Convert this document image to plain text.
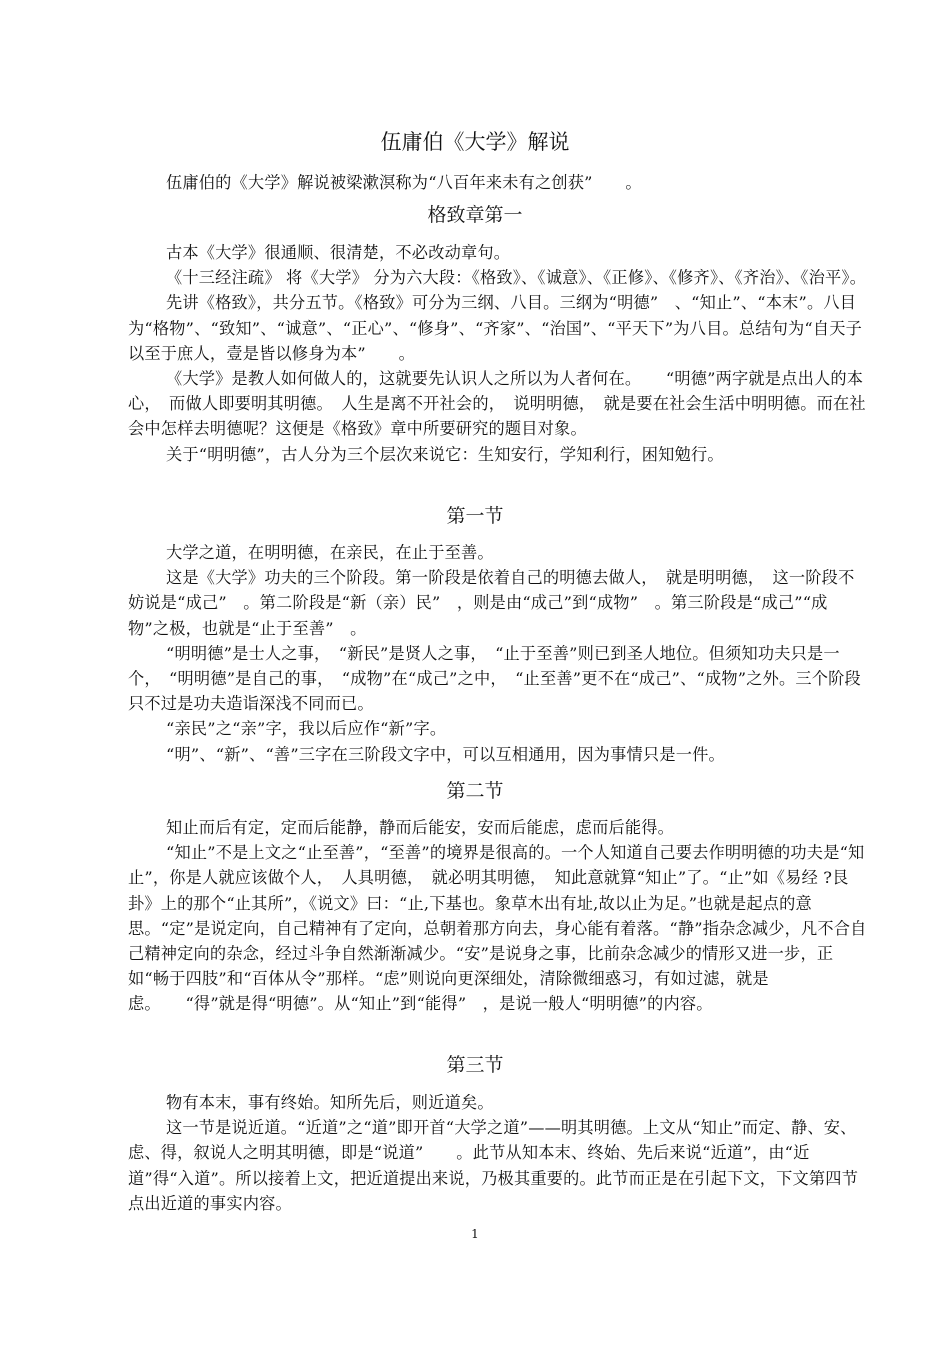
伍庸伯《大学》解说

伍庸伯的《大学》解说被梁漱溟称为“八百年来未有之创获”　　。

格致章第一

古本《大学》很通顺、很清楚，不必改动章句。

《十三经注疏》 将《大学》 分为六大段：《格致》、《诚意》、《正修》、《修齐》、《齐治》、《治平》。

先讲《格致》，共分五节。《格致》可分为三纲、八目。三纲为“明德”　、“知止”、“本末”。八目为“格物”、“致知”、“诚意”、“正心”、“修身”、“齐家”、“治国”、“平天下”为八目。总结句为“自天子以至于庶人，壹是皆以修身为本”　　。

《大学》是教人如何做人的，这就要先认识人之所以为人者何在。　　“明德”两字就是点出人的本心，　而做人即要明其明德。　人生是离不开社会的，　说明明德，　就是要在社会生活中明明德。而在社会中怎样去明德呢？这便是《格致》章中所要研究的题目对象。

关于“明明德”，古人分为三个层次来说它：生知安行，学知利行，困知勉行。

第一节

大学之道，在明明德，在亲民，在止于至善。

这是《大学》功夫的三个阶段。第一阶段是依着自己的明德去做人，　就是明明德，　这一阶段不妨说是“成己”　。第二阶段是“新（亲）民”　，则是由“成己”到“成物”　。第三阶段是“成己”“成物”之极，也就是“止于至善”　。

“明明德”是士人之事，　“新民”是贤人之事，　“止于至善”则已到圣人地位。但须知功夫只是一个，　“明明德”是自己的事，　“成物”在“成己”之中，　“止至善”更不在“成己”、“成物”之外。三个阶段只不过是功夫造诣深浅不同而已。

“亲民”之“亲”字，我以后应作“新”字。

“明”、“新”、“善”三字在三阶段文字中，可以互相通用，因为事情只是一件。

第二节

知止而后有定，定而后能静，静而后能安，安而后能虑，虑而后能得。

“知止”不是上文之“止至善”，“至善”的境界是很高的。一个人知道自己要去作明明德的功夫是“知止”，你是人就应该做个人，　人具明德，　就必明其明德，　知此意就算“知止”了。“止”如《易经 ?艮卦》上的那个“止其所”，《说文》曰：“止,下基也。象草木出有址,故以止为足。”也就是起点的意思。“定”是说定向，自己精神有了定向，总朝着那方向去，身心能有着落。“静”指杂念减少，凡不合自己精神定向的杂念，经过斗争自然渐渐减少。“安”是说身之事，比前杂念减少的情形又进一步，正如“畅于四肢”和“百体从令”那样。“虑”则说向更深细处，清除微细惑习，有如过滤，就是虑。　　“得”就是得“明德”。从“知止”到“能得”　，是说一般人“明明德”的内容。

第三节

物有本末，事有终始。知所先后，则近道矣。

这一节是说近道。“近道”之“道”即开首“大学之道”——明其明德。上文从“知止”而定、静、安、虑、得，叙说人之明其明德，即是“说道”　　。此节从知本末、终始、先后来说“近道”，由“近道”得“入道”。所以接着上文，把近道提出来说，乃极其重要的。此节而正是在引起下文，下文第四节点出近道的事实内容。

1
